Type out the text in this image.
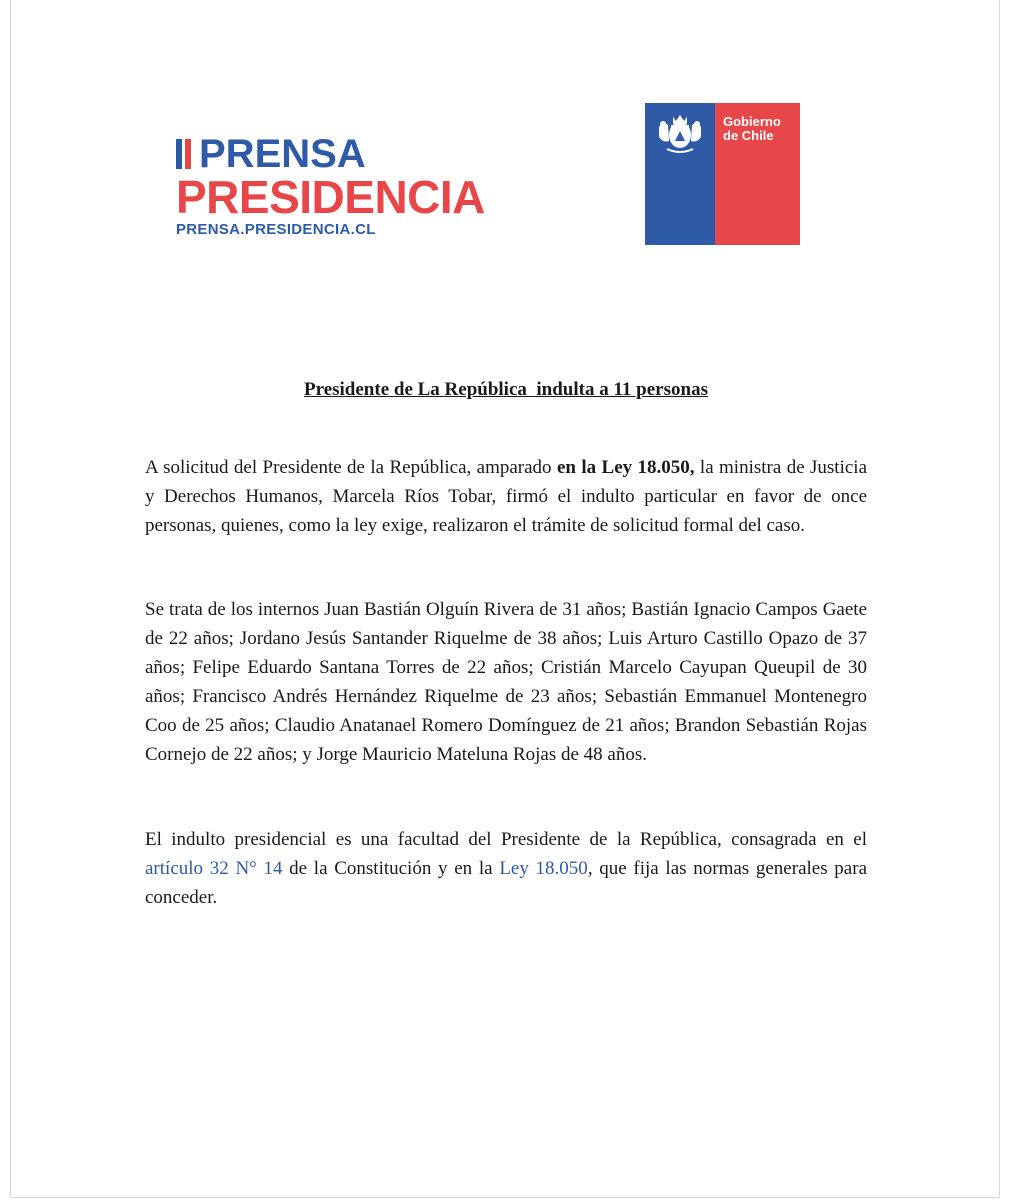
PRENSA
PRESIDENCIA
PRENSA.PRESIDENCIA.CL
Gobierno
de Chile
Presidente de La República  indulta a 11 personas

A solicitud del Presidente de la República, amparado en la Ley 18.050, la ministra de Justicia y Derechos Humanos, Marcela Ríos Tobar, firmó el indulto particular en favor de once personas, quienes, como la ley exige, realizaron el trámite de solicitud formal del caso.

Se trata de los internos Juan Bastián Olguín Rivera de 31 años; Bastián Ignacio Campos Gaete de 22 años; Jordano Jesús Santander Riquelme de 38 años; Luis Arturo Castillo Opazo de 37 años; Felipe Eduardo Santana Torres de 22 años; Cristián Marcelo Cayupan Queupil de 30 años; Francisco Andrés Hernández Riquelme de 23 años; Sebastián Emmanuel Montenegro Coo de 25 años; Claudio Anatanael Romero Domínguez de 21 años; Brandon Sebastián Rojas Cornejo de 22 años; y Jorge Mauricio Mateluna Rojas de 48 años.

El indulto presidencial es una facultad del Presidente de la República, consagrada en el artículo 32 N° 14 de la Constitución y en la Ley 18.050, que fija las normas generales para conceder.
